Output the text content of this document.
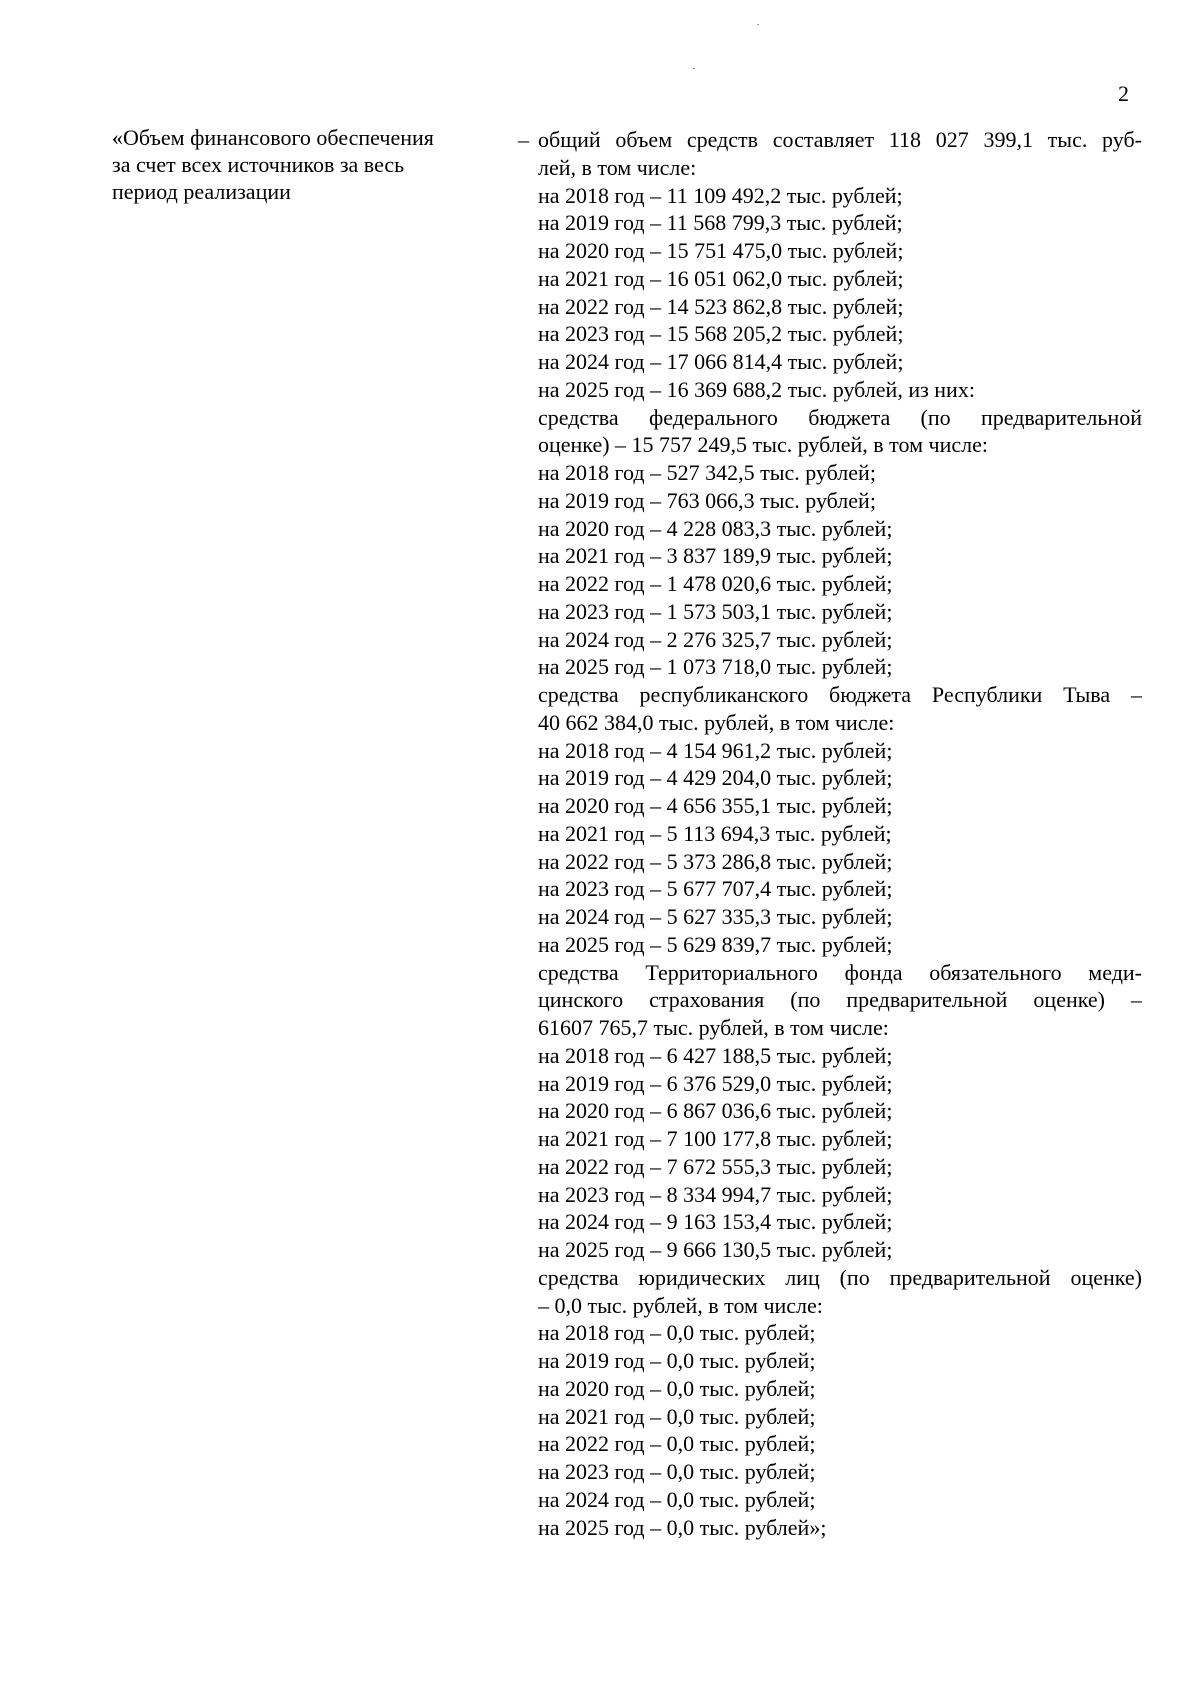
2
«Объем финансового обеспечения
за счет всех источников за весь
период реализации
– общий объем средств составляет 118 027 399,1 тыс. руб-
лей, в том числе:
на 2018 год – 11 109 492,2 тыс. рублей;
на 2019 год – 11 568 799,3 тыс. рублей;
на 2020 год – 15 751 475,0 тыс. рублей;
на 2021 год – 16 051 062,0 тыс. рублей;
на 2022 год – 14 523 862,8 тыс. рублей;
на 2023 год – 15 568 205,2 тыс. рублей;
на 2024 год – 17 066 814,4 тыс. рублей;
на 2025 год – 16 369 688,2 тыс. рублей, из них:
средства федерального бюджета (по предварительной
оценке) – 15 757 249,5 тыс. рублей, в том числе:
на 2018 год – 527 342,5 тыс. рублей;
на 2019 год – 763 066,3 тыс. рублей;
на 2020 год – 4 228 083,3 тыс. рублей;
на 2021 год – 3 837 189,9 тыс. рублей;
на 2022 год – 1 478 020,6 тыс. рублей;
на 2023 год – 1 573 503,1 тыс. рублей;
на 2024 год – 2 276 325,7 тыс. рублей;
на 2025 год – 1 073 718,0 тыс. рублей;
средства республиканского бюджета Республики Тыва –
40 662 384,0 тыс. рублей, в том числе:
на 2018 год – 4 154 961,2 тыс. рублей;
на 2019 год – 4 429 204,0 тыс. рублей;
на 2020 год – 4 656 355,1 тыс. рублей;
на 2021 год – 5 113 694,3 тыс. рублей;
на 2022 год – 5 373 286,8 тыс. рублей;
на 2023 год – 5 677 707,4 тыс. рублей;
на 2024 год – 5 627 335,3 тыс. рублей;
на 2025 год – 5 629 839,7 тыс. рублей;
средства Территориального фонда обязательного меди-
цинского страхования (по предварительной оценке) –
61607 765,7 тыс. рублей, в том числе:
на 2018 год – 6 427 188,5 тыс. рублей;
на 2019 год – 6 376 529,0 тыс. рублей;
на 2020 год – 6 867 036,6 тыс. рублей;
на 2021 год – 7 100 177,8 тыс. рублей;
на 2022 год – 7 672 555,3 тыс. рублей;
на 2023 год – 8 334 994,7 тыс. рублей;
на 2024 год – 9 163 153,4 тыс. рублей;
на 2025 год – 9 666 130,5 тыс. рублей;
средства юридических лиц (по предварительной оценке)
– 0,0 тыс. рублей, в том числе:
на 2018 год – 0,0 тыс. рублей;
на 2019 год – 0,0 тыс. рублей;
на 2020 год – 0,0 тыс. рублей;
на 2021 год – 0,0 тыс. рублей;
на 2022 год – 0,0 тыс. рублей;
на 2023 год – 0,0 тыс. рублей;
на 2024 год – 0,0 тыс. рублей;
на 2025 год – 0,0 тыс. рублей»;
